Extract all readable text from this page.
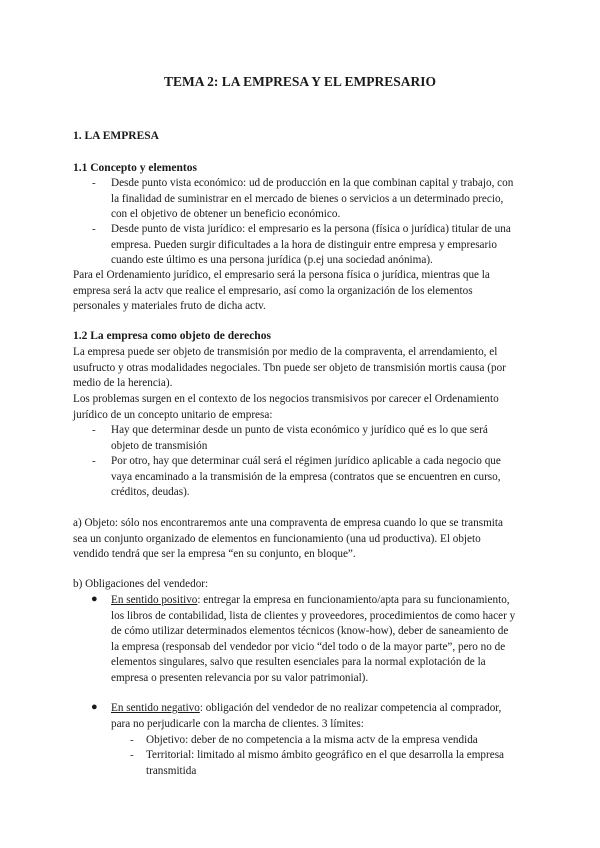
TEMA 2: LA EMPRESA Y EL EMPRESARIO
1. LA EMPRESA
1.1 Concepto y elementos
- Desde punto vista económico: ud de producción en la que combinan capital y trabajo, con
la finalidad de suministrar en el mercado de bienes o servicios a un determinado precio,
con el objetivo de obtener un beneficio económico.
- Desde punto de vista jurídico: el empresario es la persona (física o jurídica) titular de una
empresa. Pueden surgir dificultades a la hora de distinguir entre empresa y empresario
cuando este último es una persona jurídica (p.ej una sociedad anónima).
Para el Ordenamiento jurídico, el empresario será la persona física o jurídica, mientras que la
empresa será la actv que realice el empresario, así como la organización de los elementos
personales y materiales fruto de dicha actv.
1.2 La empresa como objeto de derechos
La empresa puede ser objeto de transmisión por medio de la compraventa, el arrendamiento, el
usufructo y otras modalidades negociales. Tbn puede ser objeto de transmisión mortis causa (por
medio de la herencia).
Los problemas surgen en el contexto de los negocios transmisivos por carecer el Ordenamiento
jurídico de un concepto unitario de empresa:
- Hay que determinar desde un punto de vista económico y jurídico qué es lo que será
objeto de transmisión
- Por otro, hay que determinar cuál será el régimen jurídico aplicable a cada negocio que
vaya encaminado a la transmisión de la empresa (contratos que se encuentren en curso,
créditos, deudas).
a) Objeto: sólo nos encontraremos ante una compraventa de empresa cuando lo que se transmita
sea un conjunto organizado de elementos en funcionamiento (una ud productiva). El objeto
vendido tendrá que ser la empresa “en su conjunto, en bloque”.
b) Obligaciones del vendedor:
● En sentido positivo: entregar la empresa en funcionamiento/apta para su funcionamiento,
los libros de contabilidad, lista de clientes y proveedores, procedimientos de como hacer y
de cómo utilizar determinados elementos técnicos (know-how), deber de saneamiento de
la empresa (responsab del vendedor por vicio “del todo o de la mayor parte”, pero no de
elementos singulares, salvo que resulten esenciales para la normal explotación de la
empresa o presenten relevancia por su valor patrimonial).
● En sentido negativo: obligación del vendedor de no realizar competencia al comprador,
para no perjudicarle con la marcha de clientes. 3 límites:
- Objetivo: deber de no competencia a la misma actv de la empresa vendida
- Territorial: limitado al mismo ámbito geográfico en el que desarrolla la empresa
transmitida
